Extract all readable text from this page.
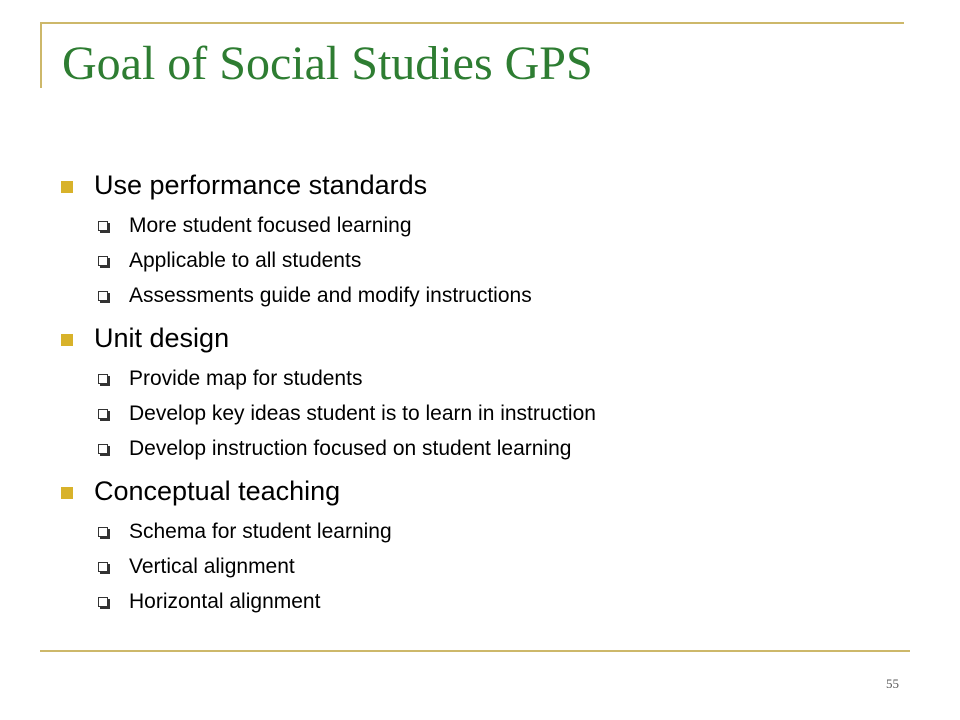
Goal of Social Studies GPS
Use performance standards
More student focused learning
Applicable to all students
Assessments guide and modify instructions
Unit design
Provide map for students
Develop key ideas student is to learn in instruction
Develop instruction focused on student learning
Conceptual teaching
Schema for student learning
Vertical alignment
Horizontal alignment
55
